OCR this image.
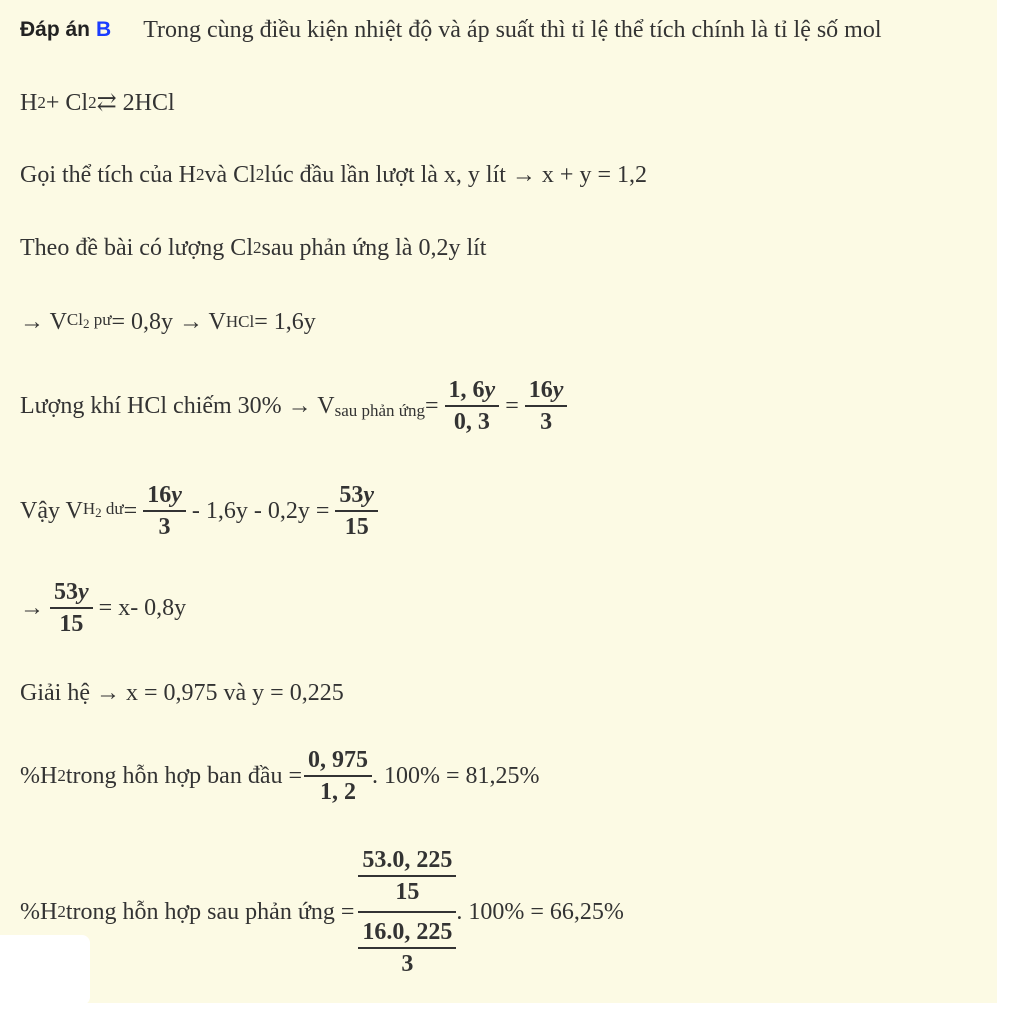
Đáp án B Trong cùng điều kiện nhiệt độ và áp suất thì tỉ lệ thể tích chính là tỉ lệ số mol
H 2 + Cl 2 ⇄ 2HCl
Gọi thể tích của H 2 và Cl 2 lúc đầu lần lượt là x, y lít → x + y = 1,2
Theo đề bài có lượng Cl 2 sau phản ứng là 0,2y lít
→ V $Cl_2$ pư = 0,8y → V HCl = 1,6y
Lượng khí HCl chiếm 30% → V sau phản ứng = $\frac{1, 6y}{0, 3} = \frac{16y}{3}$
Vậy V $H_2$ dư = $\frac{16y}{3} - 1,6y - 0,2y = \frac{53y}{15}$
→ $\frac{53y}{15} = x-$ 0,8y
Giải hệ → x = 0,975 và y = 0,225
%H 2 trong hỗn hợp ban đầu = $\frac{0, 975}{1, 2}$ . 100% = 81,25%
%H 2 trong hỗn hợp sau phản ứng = $\frac{\frac{53.0, 225}{15}}{\frac{16.0, 225}{3}}$ . 100% = 66,25%
